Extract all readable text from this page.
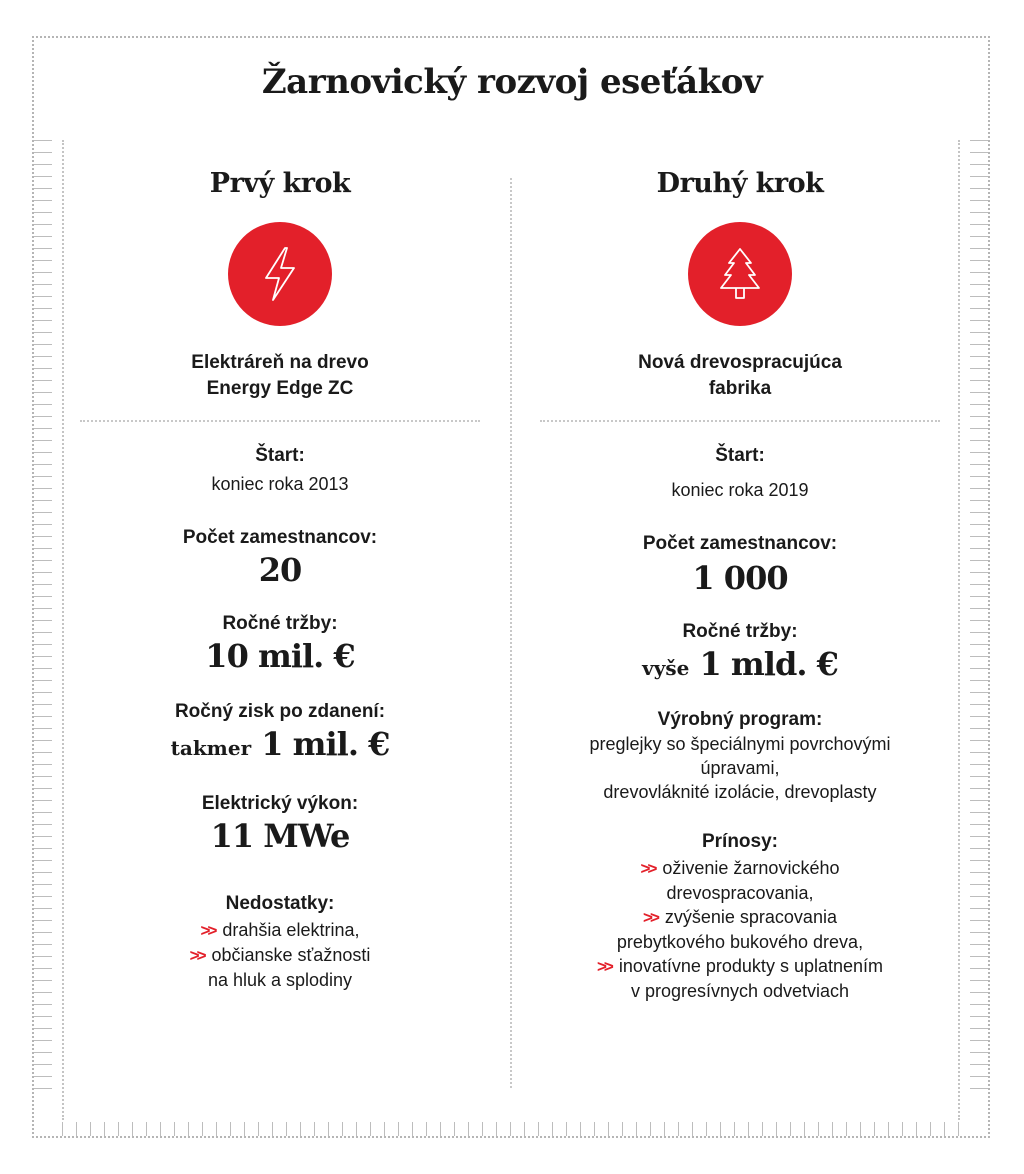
Žarnovický rozvoj eseťákov
Prvý krok
Elektráreň na drevo
Energy Edge ZC
Štart:
koniec roka 2013
Počet zamestnancov:
20
Ročné tržby:
10 mil. €
Ročný zisk po zdanení:
takmer 1 mil. €
Elektrický výkon:
11 MWe
Nedostatky:
>> drahšia elektrina,
>> občianske sťažnosti
na hluk a splodiny
Druhý krok
Nová drevospracujúca
fabrika
Štart:
koniec roka 2019
Počet zamestnancov:
1 000
Ročné tržby:
vyše 1 mld. €
Výrobný program:
preglejky so špeciálnymi povrchovými
úpravami,
drevovláknité izolácie, drevoplasty
Prínosy:
>> oživenie žarnovického
drevospracovania,
>> zvýšenie spracovania
prebytkového bukového dreva,
>> inovatívne produkty s uplatnením
v progresívnych odvetviach
